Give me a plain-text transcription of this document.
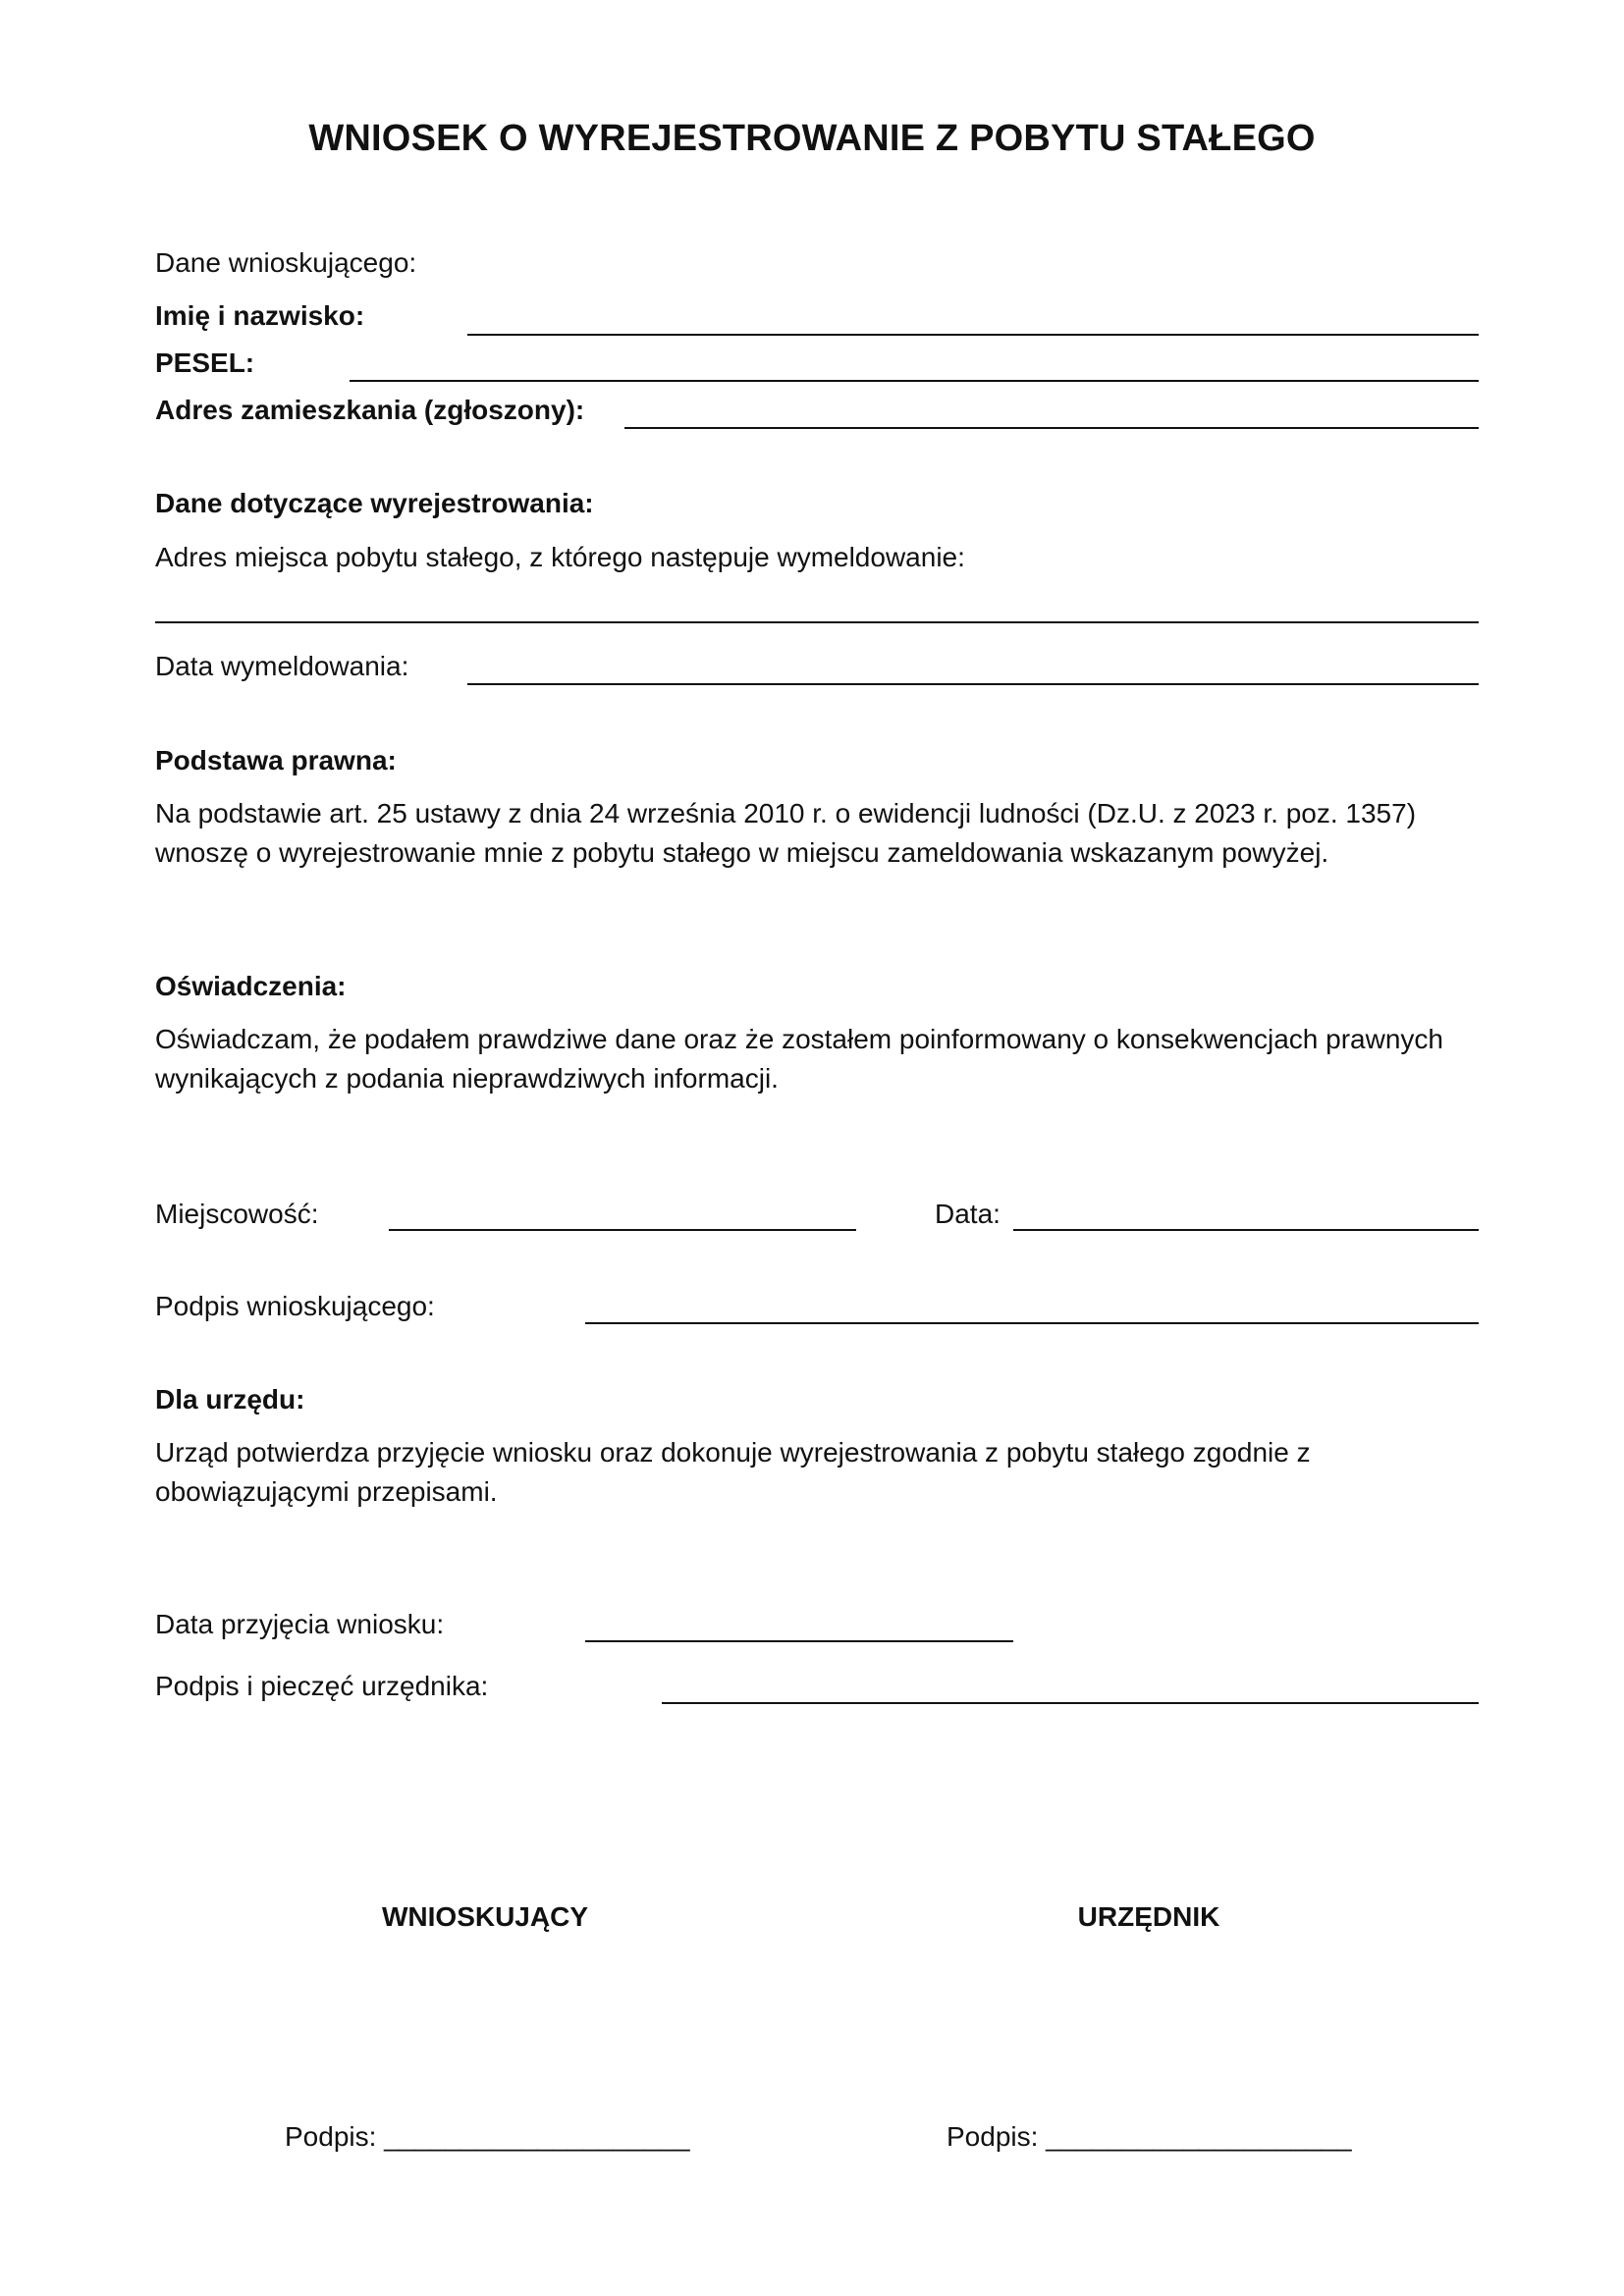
WNIOSEK O WYREJESTROWANIE Z POBYTU STAŁEGO
Dane wnioskującego:
Imię i nazwisko:
PESEL:
Adres zamieszkania (zgłoszony):
Dane dotyczące wyrejestrowania:
Adres miejsca pobytu stałego, z którego następuje wymeldowanie:
Data wymeldowania:
Podstawa prawna:
Na podstawie art. 25 ustawy z dnia 24 września 2010 r. o ewidencji ludności (Dz.U. z 2023 r. poz. 1357)
wnoszę o wyrejestrowanie mnie z pobytu stałego w miejscu zameldowania wskazanym powyżej.
Oświadczenia:
Oświadczam, że podałem prawdziwe dane oraz że zostałem poinformowany o konsekwencjach prawnych
wynikających z podania nieprawdziwych informacji.
Miejscowość:	Data:
Podpis wnioskującego:
Dla urzędu:
Urząd potwierdza przyjęcie wniosku oraz dokonuje wyrejestrowania z pobytu stałego zgodnie z
obowiązującymi przepisami.
Data przyjęcia wniosku:
Podpis i pieczęć urzędnika:
WNIOSKUJĄCY	URZĘDNIK
Podpis: ____________________	Podpis: ____________________
